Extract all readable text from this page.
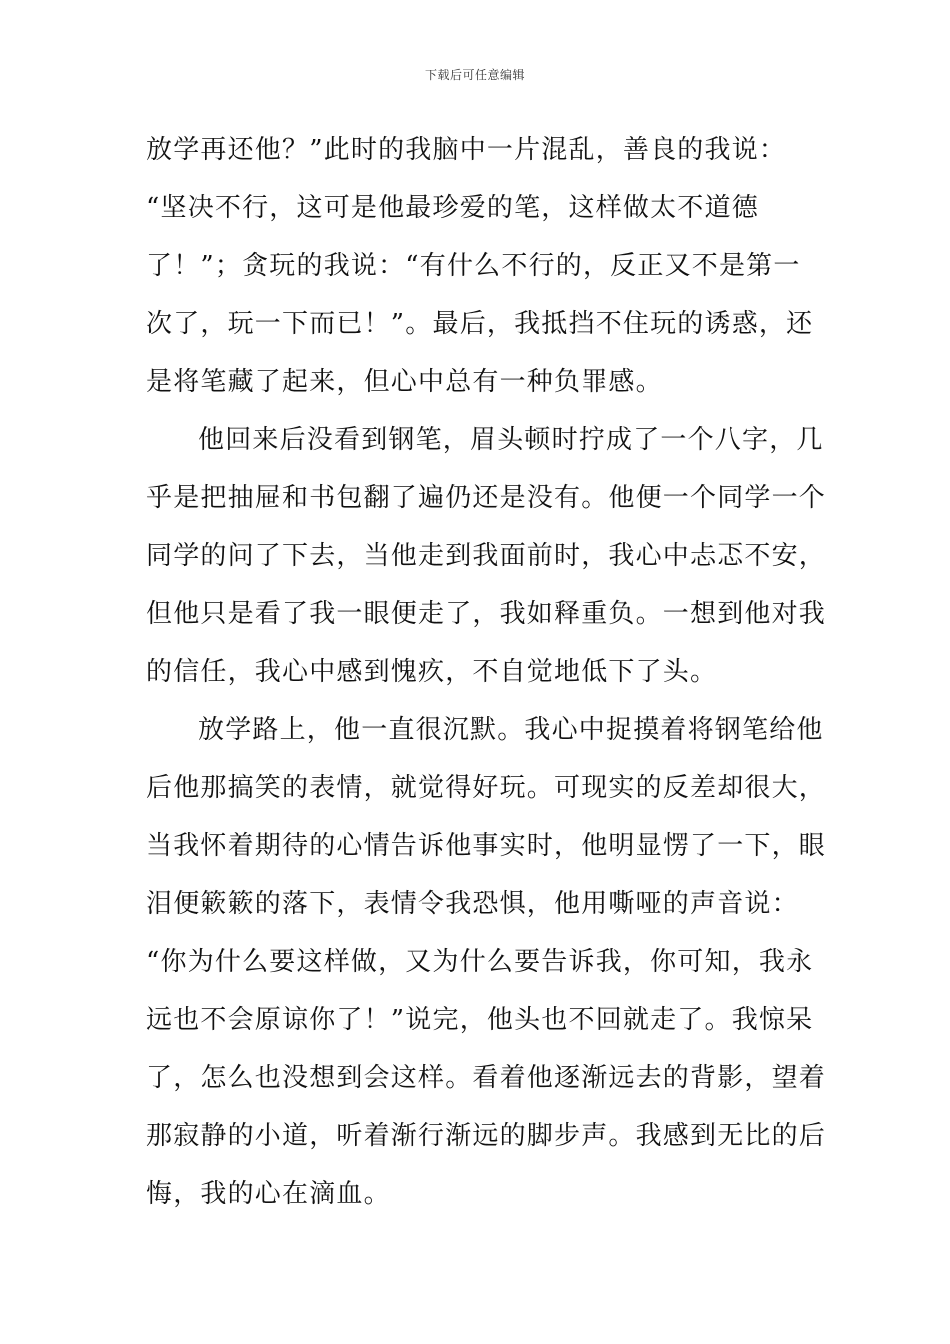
下载后可任意编辑
放学再还他？”此时的我脑中一片混乱，善良的我说：
“坚决不行，这可是他最珍爱的笔，这样做太不道德
了！”；贪玩的我说：“有什么不行的，反正又不是第一
次了，玩一下而已！”。最后，我抵挡不住玩的诱惑，还
是将笔藏了起来，但心中总有一种负罪感。
他回来后没看到钢笔，眉头顿时拧成了一个八字，几
乎是把抽屉和书包翻了遍仍还是没有。他便一个同学一个
同学的问了下去，当他走到我面前时，我心中忐忑不安，
但他只是看了我一眼便走了，我如释重负。一想到他对我
的信任，我心中感到愧疚，不自觉地低下了头。
放学路上，他一直很沉默。我心中捉摸着将钢笔给他
后他那搞笑的表情，就觉得好玩。可现实的反差却很大，
当我怀着期待的心情告诉他事实时，他明显愣了一下，眼
泪便簌簌的落下，表情令我恐惧，他用嘶哑的声音说：
“你为什么要这样做，又为什么要告诉我，你可知，我永
远也不会原谅你了！”说完，他头也不回就走了。我惊呆
了，怎么也没想到会这样。看着他逐渐远去的背影，望着
那寂静的小道，听着渐行渐远的脚步声。我感到无比的后
悔，我的心在滴血。
